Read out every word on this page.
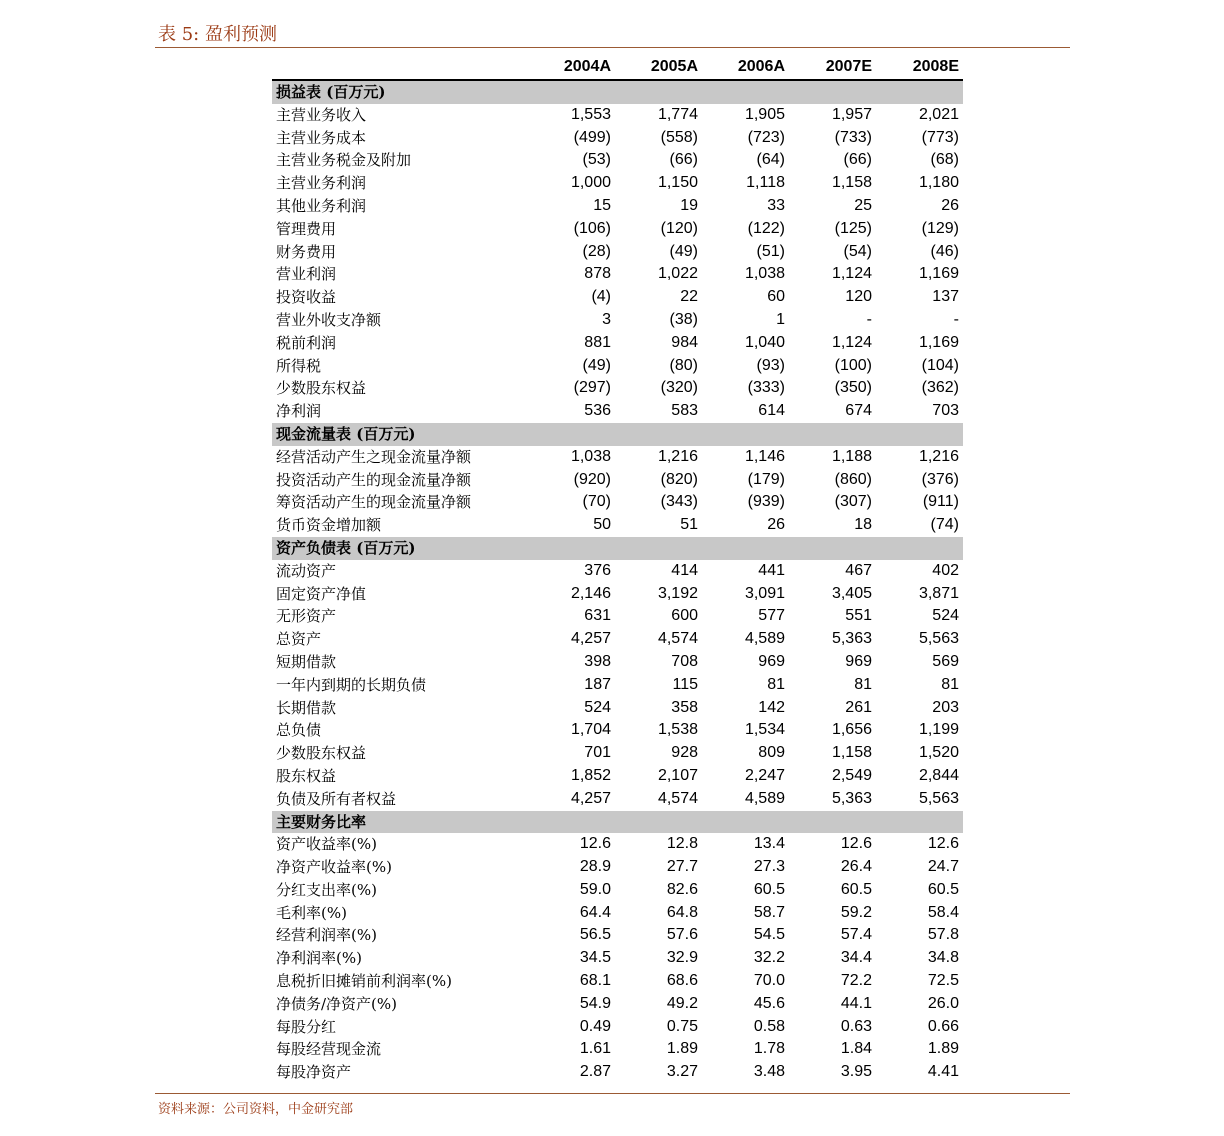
表 5: 盈利预测
	2004A	2005A	2006A	2007E	2008E
损益表 (百万元)					
主营业务收入	1,553	1,774	1,905	1,957	2,021
主营业务成本	(499)	(558)	(723)	(733)	(773)
主营业务税金及附加	(53)	(66)	(64)	(66)	(68)
主营业务利润	1,000	1,150	1,118	1,158	1,180
其他业务利润	15	19	33	25	26
管理费用	(106)	(120)	(122)	(125)	(129)
财务费用	(28)	(49)	(51)	(54)	(46)
营业利润	878	1,022	1,038	1,124	1,169
投资收益	(4)	22	60	120	137
营业外收支净额	3	(38)	1	-	-
税前利润	881	984	1,040	1,124	1,169
所得税	(49)	(80)	(93)	(100)	(104)
少数股东权益	(297)	(320)	(333)	(350)	(362)
净利润	536	583	614	674	703
现金流量表 (百万元)					
经营活动产生之现金流量净额	1,038	1,216	1,146	1,188	1,216
投资活动产生的现金流量净额	(920)	(820)	(179)	(860)	(376)
筹资活动产生的现金流量净额	(70)	(343)	(939)	(307)	(911)
货币资金增加额	50	51	26	18	(74)
资产负债表 (百万元)					
流动资产	376	414	441	467	402
固定资产净值	2,146	3,192	3,091	3,405	3,871
无形资产	631	600	577	551	524
总资产	4,257	4,574	4,589	5,363	5,563
短期借款	398	708	969	969	569
一年内到期的长期负债	187	115	81	81	81
长期借款	524	358	142	261	203
总负债	1,704	1,538	1,534	1,656	1,199
少数股东权益	701	928	809	1,158	1,520
股东权益	1,852	2,107	2,247	2,549	2,844
负债及所有者权益	4,257	4,574	4,589	5,363	5,563
主要财务比率					
资产收益率(%)	12.6	12.8	13.4	12.6	12.6
净资产收益率(%)	28.9	27.7	27.3	26.4	24.7
分红支出率(%)	59.0	82.6	60.5	60.5	60.5
毛利率(%)	64.4	64.8	58.7	59.2	58.4
经营利润率(%)	56.5	57.6	54.5	57.4	57.8
净利润率(%)	34.5	32.9	32.2	34.4	34.8
息税折旧摊销前利润率(%)	68.1	68.6	70.0	72.2	72.5
净债务/净资产(%)	54.9	49.2	45.6	44.1	26.0
每股分红	0.49	0.75	0.58	0.63	0.66
每股经营现金流	1.61	1.89	1.78	1.84	1.89
每股净资产	2.87	3.27	3.48	3.95	4.41
资料来源：公司资料，中金研究部
